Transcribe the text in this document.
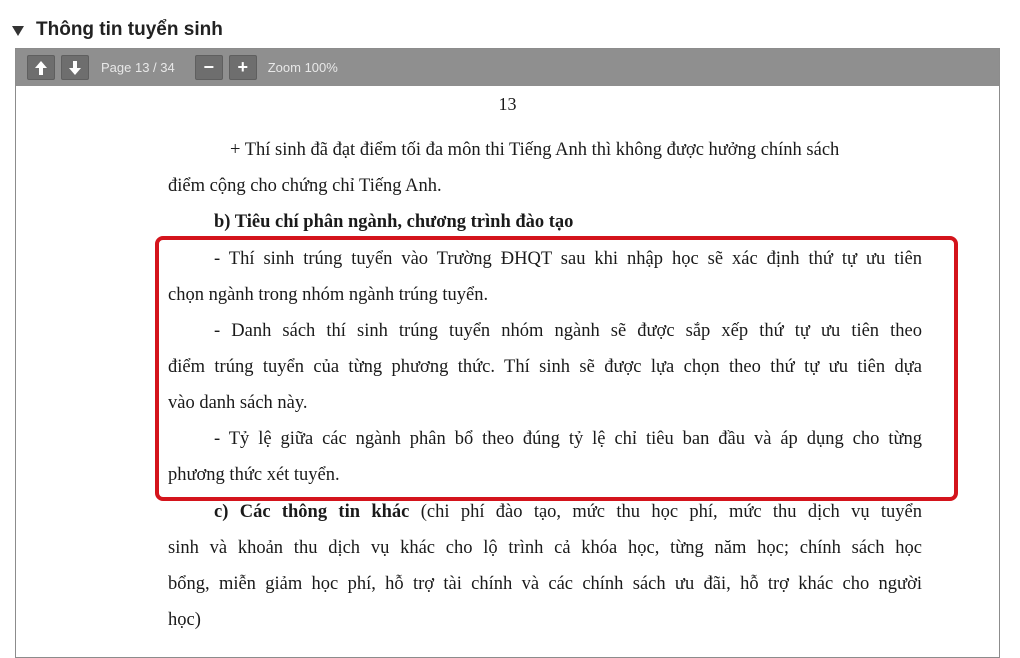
Thông tin tuyển sinh
Page 13 / 34	−	+	Zoom 100%
13
+ Thí sinh đã đạt điểm tối đa môn thi Tiếng Anh thì không được hưởng chính sách
điểm cộng cho chứng chỉ Tiếng Anh.
b) Tiêu chí phân ngành, chương trình đào tạo
- Thí sinh trúng tuyển vào Trường ĐHQT sau khi nhập học sẽ xác định thứ tự ưu tiên
chọn ngành trong nhóm ngành trúng tuyển.
- Danh sách thí sinh trúng tuyển nhóm ngành sẽ được sắp xếp thứ tự ưu tiên theo
điểm trúng tuyển của từng phương thức. Thí sinh sẽ được lựa chọn theo thứ tự ưu tiên dựa
vào danh sách này.
- Tỷ lệ giữa các ngành phân bổ theo đúng tỷ lệ chỉ tiêu ban đầu và áp dụng cho từng
phương thức xét tuyển.
c) Các thông tin khác (chi phí đào tạo, mức thu học phí, mức thu dịch vụ tuyển
sinh và khoản thu dịch vụ khác cho lộ trình cả khóa học, từng năm học; chính sách học
bổng, miễn giảm học phí, hỗ trợ tài chính và các chính sách ưu đãi, hỗ trợ khác cho người
học)
